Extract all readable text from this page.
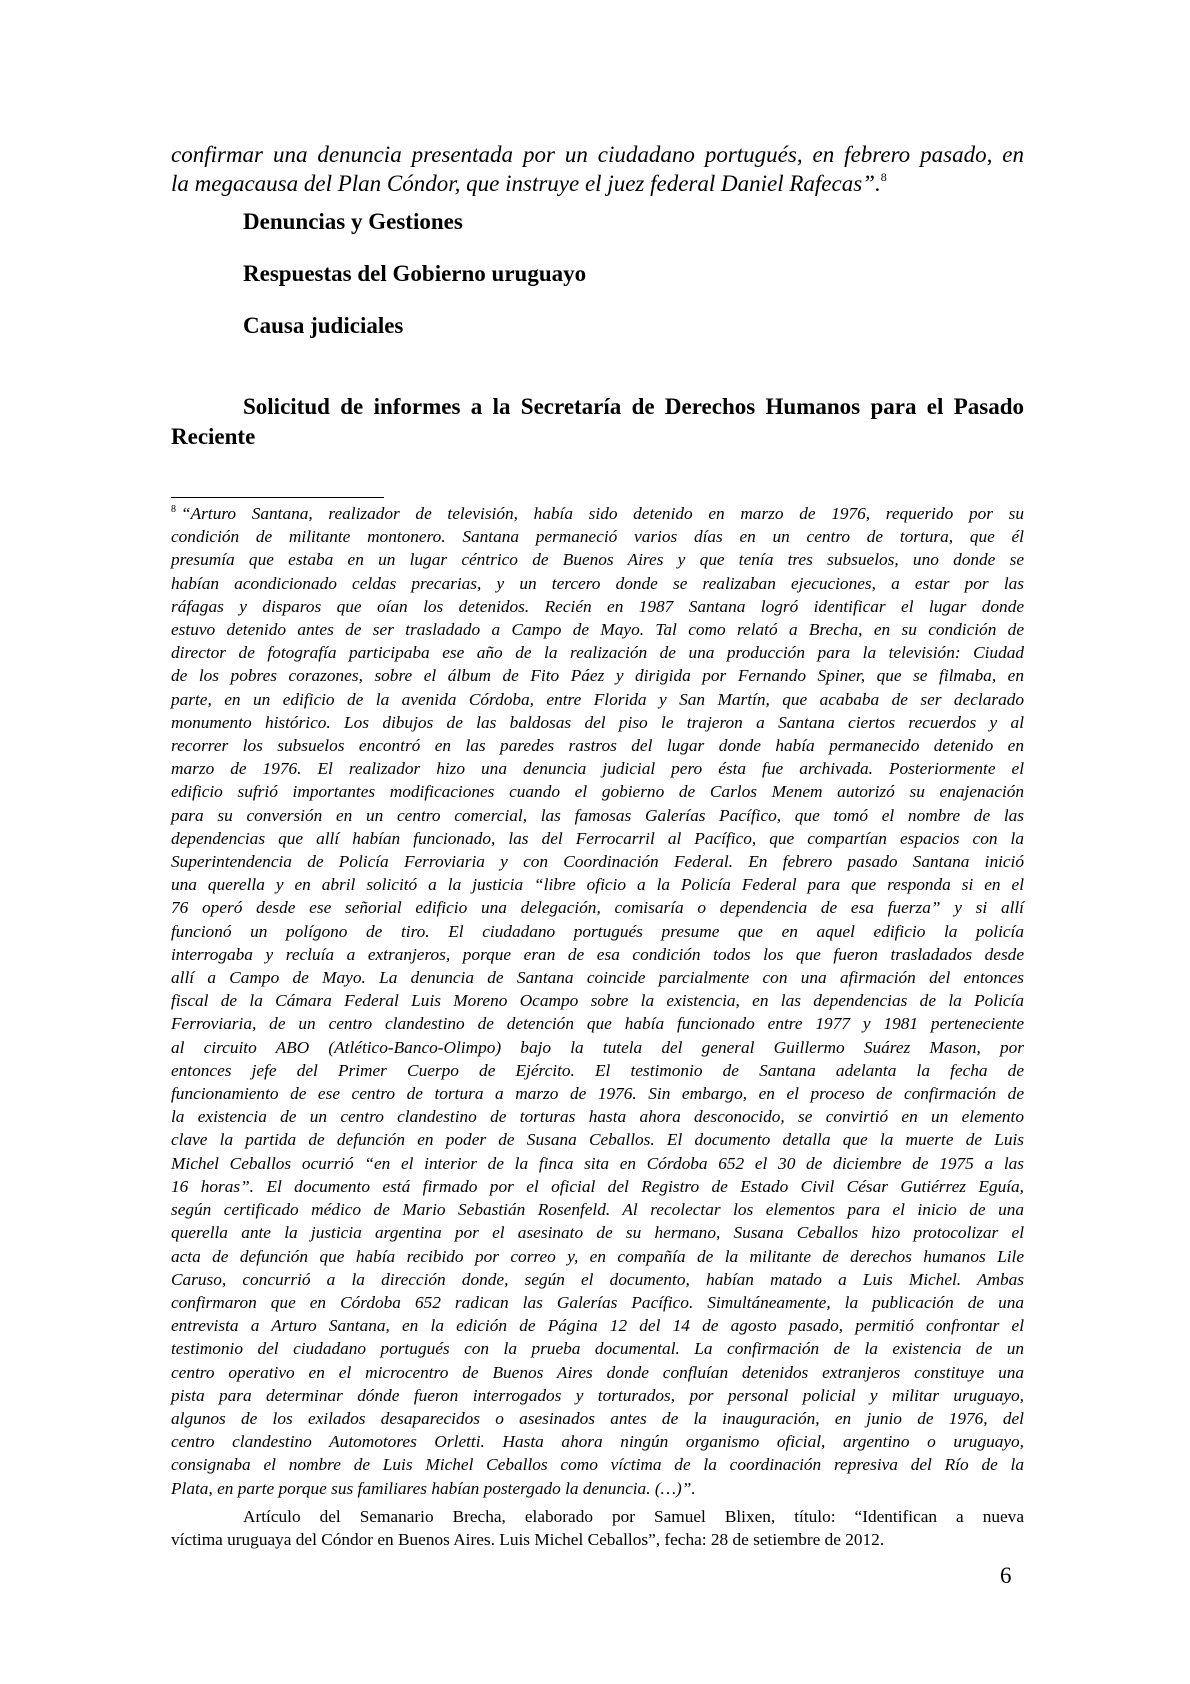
confirmar una denuncia presentada por un ciudadano portugués, en febrero pasado, en
la megacausa del Plan Cóndor, que instruye el juez federal Daniel Rafecas”.$^8$

Denuncias y Gestiones

Respuestas del Gobierno uruguayo

Causa judiciales

Solicitud de informes a la Secretaría de Derechos Humanos para el Pasado
Reciente

$^8$ “Arturo Santana, realizador de televisión, había sido detenido en marzo de 1976, requerido por su
condición de militante montonero. Santana permaneció varios días en un centro de tortura, que él
presumía que estaba en un lugar céntrico de Buenos Aires y que tenía tres subsuelos, uno donde se
habían acondicionado celdas precarias, y un tercero donde se realizaban ejecuciones, a estar por las
ráfagas y disparos que oían los detenidos. Recién en 1987 Santana logró identificar el lugar donde
estuvo detenido antes de ser trasladado a Campo de Mayo. Tal como relató a Brecha, en su condición de
director de fotografía participaba ese año de la realización de una producción para la televisión: Ciudad
de los pobres corazones, sobre el álbum de Fito Páez y dirigida por Fernando Spiner, que se filmaba, en
parte, en un edificio de la avenida Córdoba, entre Florida y San Martín, que acababa de ser declarado
monumento histórico. Los dibujos de las baldosas del piso le trajeron a Santana ciertos recuerdos y al
recorrer los subsuelos encontró en las paredes rastros del lugar donde había permanecido detenido en
marzo de 1976. El realizador hizo una denuncia judicial pero ésta fue archivada. Posteriormente el
edificio sufrió importantes modificaciones cuando el gobierno de Carlos Menem autorizó su enajenación
para su conversión en un centro comercial, las famosas Galerías Pacífico, que tomó el nombre de las
dependencias que allí habían funcionado, las del Ferrocarril al Pacífico, que compartían espacios con la
Superintendencia de Policía Ferroviaria y con Coordinación Federal. En febrero pasado Santana inició
una querella y en abril solicitó a la justicia “libre oficio a la Policía Federal para que responda si en el
76 operó desde ese señorial edificio una delegación, comisaría o dependencia de esa fuerza” y si allí
funcionó un polígono de tiro. El ciudadano portugués presume que en aquel edificio la policía
interrogaba y recluía a extranjeros, porque eran de esa condición todos los que fueron trasladados desde
allí a Campo de Mayo. La denuncia de Santana coincide parcialmente con una afirmación del entonces
fiscal de la Cámara Federal Luis Moreno Ocampo sobre la existencia, en las dependencias de la Policía
Ferroviaria, de un centro clandestino de detención que había funcionado entre 1977 y 1981 perteneciente
al circuito ABO (Atlético-Banco-Olimpo) bajo la tutela del general Guillermo Suárez Mason, por
entonces jefe del Primer Cuerpo de Ejército. El testimonio de Santana adelanta la fecha de
funcionamiento de ese centro de tortura a marzo de 1976. Sin embargo, en el proceso de confirmación de
la existencia de un centro clandestino de torturas hasta ahora desconocido, se convirtió en un elemento
clave la partida de defunción en poder de Susana Ceballos. El documento detalla que la muerte de Luis
Michel Ceballos ocurrió “en el interior de la finca sita en Córdoba 652 el 30 de diciembre de 1975 a las
16 horas”. El documento está firmado por el oficial del Registro de Estado Civil César Gutiérrez Eguía,
según certificado médico de Mario Sebastián Rosenfeld. Al recolectar los elementos para el inicio de una
querella ante la justicia argentina por el asesinato de su hermano, Susana Ceballos hizo protocolizar el
acta de defunción que había recibido por correo y, en compañía de la militante de derechos humanos Lile
Caruso, concurrió a la dirección donde, según el documento, habían matado a Luis Michel. Ambas
confirmaron que en Córdoba 652 radican las Galerías Pacífico. Simultáneamente, la publicación de una
entrevista a Arturo Santana, en la edición de Página 12 del 14 de agosto pasado, permitió confrontar el
testimonio del ciudadano portugués con la prueba documental. La confirmación de la existencia de un
centro operativo en el microcentro de Buenos Aires donde confluían detenidos extranjeros constituye una
pista para determinar dónde fueron interrogados y torturados, por personal policial y militar uruguayo,
algunos de los exilados desaparecidos o asesinados antes de la inauguración, en junio de 1976, del
centro clandestino Automotores Orletti. Hasta ahora ningún organismo oficial, argentino o uruguayo,
consignaba el nombre de Luis Michel Ceballos como víctima de la coordinación represiva del Río de la
Plata, en parte porque sus familiares habían postergado la denuncia. (…)”.

Artículo del Semanario Brecha, elaborado por Samuel Blixen, título: “Identifican a nueva
víctima uruguaya del Cóndor en Buenos Aires. Luis Michel Ceballos”, fecha: 28 de setiembre de 2012.

6
